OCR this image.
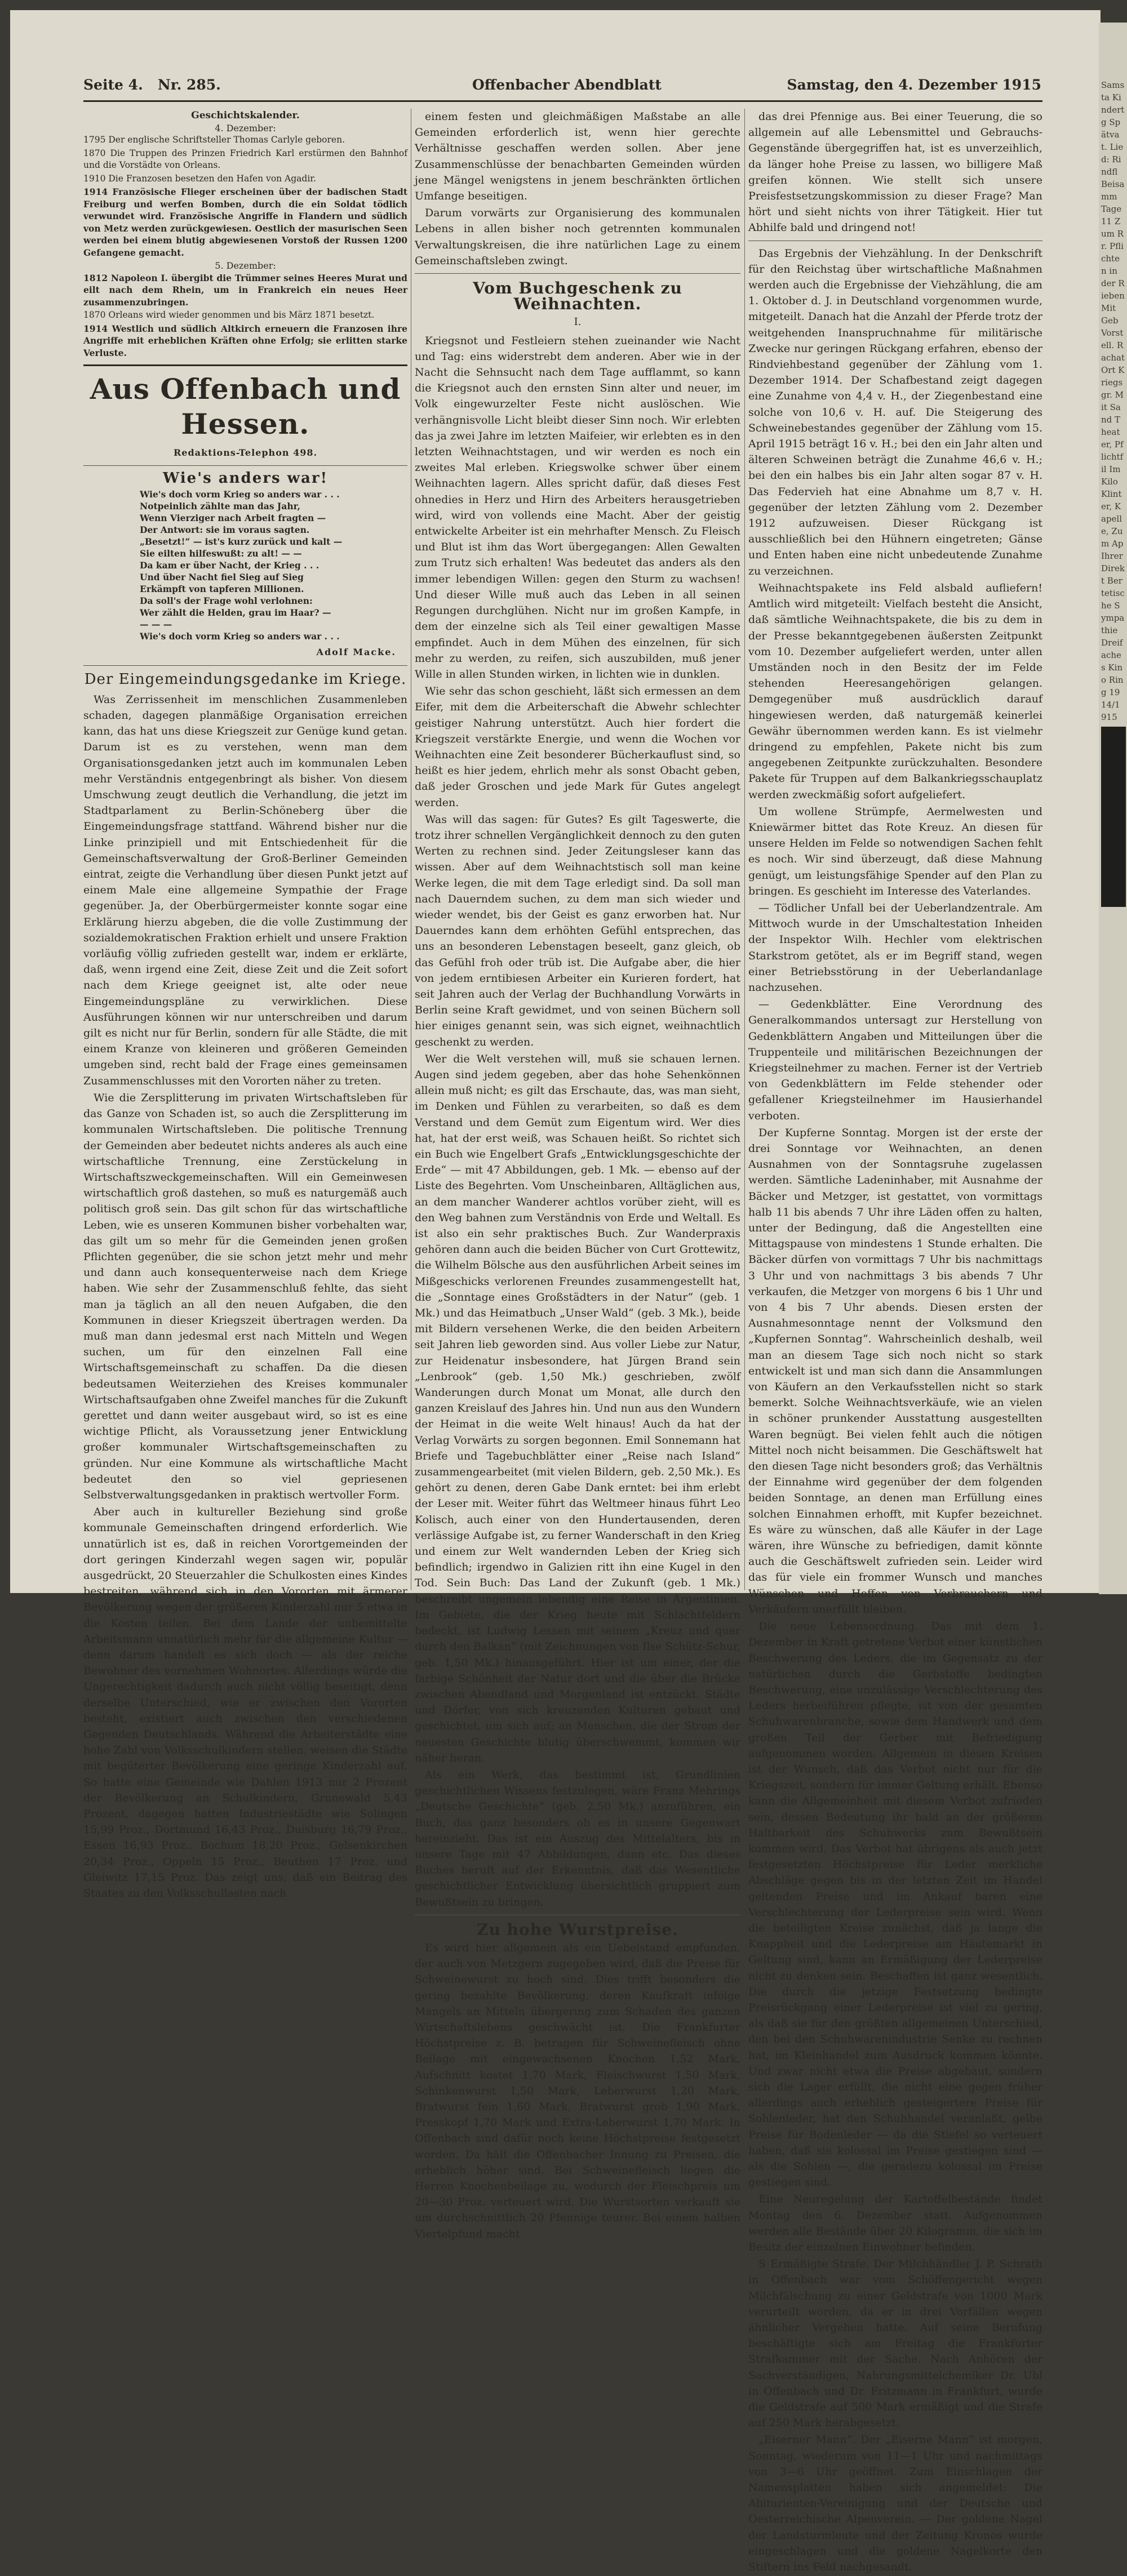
Seite 4. Nr. 285.	Offenbacher Abendblatt	Samstag, den 4. Dezember 1915
Geschichtskalender.
4. Dezember:

1795 Der englische Schriftsteller Thomas Carlyle geboren.

1870 Die Truppen des Prinzen Friedrich Karl erstürmen den Bahnhof und die Vorstädte von Orleans.

1910 Die Franzosen besetzen den Hafen von Agadir.

1914 Französische Flieger erscheinen über der badischen Stadt Freiburg und werfen Bomben, durch die ein Soldat tödlich verwundet wird. Französische Angriffe in Flandern und südlich von Metz werden zurückgewiesen. Oestlich der masurischen Seen werden bei einem blutig abgewiesenen Vorstoß der Russen 1200 Gefangene gemacht.

5. Dezember:

1812 Napoleon I. übergibt die Trümmer seines Heeres Murat und eilt nach dem Rhein, um in Frankreich ein neues Heer zusammenzubringen.

1870 Orleans wird wieder genommen und bis März 1871 besetzt.

1914 Westlich und südlich Altkirch erneuern die Franzosen ihre Angriffe mit erheblichen Kräften ohne Erfolg; sie erlitten starke Verluste.

Aus Offenbach und Hessen.
Redaktions-Telephon 498.
Wie's anders war!
Wie's doch vorm Krieg so anders war . . .
Notpeinlich zählte man das Jahr,
Wenn Vierziger nach Arbeit fragten —
Der Antwort: sie im voraus sagten.
„Besetzt!“ — ist's kurz zurück und kalt —
Sie eilten hilfeswußt: zu alt! — —
Da kam er über Nacht, der Krieg . . .
Und über Nacht fiel Sieg auf Sieg
Erkämpft von tapferen Millionen.
Da soll's der Frage wohl verlohnen:
Wer zählt die Helden, grau im Haar? —
— — —
Wie's doch vorm Krieg so anders war . . .
Adolf Macke.
Der Eingemeindungsgedanke im Kriege.

Was Zerrissenheit im menschlichen Zusammenleben schaden, dagegen planmäßige Organisation erreichen kann, das hat uns diese Kriegszeit zur Genüge kund getan. Darum ist es zu verstehen, wenn man dem Organisationsgedanken jetzt auch im kommunalen Leben mehr Verständnis entgegenbringt als bisher. Von diesem Umschwung zeugt deutlich die Verhandlung, die jetzt im Stadtparlament zu Berlin-Schöneberg über die Eingemeindungsfrage stattfand. Während bisher nur die Linke prinzipiell und mit Entschiedenheit für die Gemeinschaftsverwaltung der Groß-Berliner Gemeinden eintrat, zeigte die Verhandlung über diesen Punkt jetzt auf einem Male eine allgemeine Sympathie der Frage gegenüber. Ja, der Oberbürgermeister konnte sogar eine Erklärung hierzu abgeben, die die volle Zustimmung der sozialdemokratischen Fraktion erhielt und unsere Fraktion vorläufig völlig zufrieden gestellt war, indem er erklärte, daß, wenn irgend eine Zeit, diese Zeit und die Zeit sofort nach dem Kriege geeignet ist, alte oder neue Eingemeindungspläne zu verwirklichen. Diese Ausführungen können wir nur unterschreiben und darum gilt es nicht nur für Berlin, sondern für alle Städte, die mit einem Kranze von kleineren und größeren Gemeinden umgeben sind, recht bald der Frage eines gemeinsamen Zusammenschlusses mit den Vororten näher zu treten.

Wie die Zersplitterung im privaten Wirtschaftsleben für das Ganze von Schaden ist, so auch die Zersplitterung im kommunalen Wirtschaftsleben. Die politische Trennung der Gemeinden aber bedeutet nichts anderes als auch eine wirtschaftliche Trennung, eine Zerstückelung in Wirtschaftszweckgemeinschaften. Will ein Gemeinwesen wirtschaftlich groß dastehen, so muß es naturgemäß auch politisch groß sein. Das gilt schon für das wirtschaftliche Leben, wie es unseren Kommunen bisher vorbehalten war, das gilt um so mehr für die Gemeinden jenen großen Pflichten gegenüber, die sie schon jetzt mehr und mehr und dann auch konsequenterweise nach dem Kriege haben. Wie sehr der Zusammenschluß fehlte, das sieht man ja täglich an all den neuen Aufgaben, die den Kommunen in dieser Kriegszeit übertragen werden. Da muß man dann jedesmal erst nach Mitteln und Wegen suchen, um für den einzelnen Fall eine Wirtschaftsgemeinschaft zu schaffen. Da die diesen bedeutsamen Weiterziehen des Kreises kommunaler Wirtschaftsaufgaben ohne Zweifel manches für die Zukunft gerettet und dann weiter ausgebaut wird, so ist es eine wichtige Pflicht, als Voraussetzung jener Entwicklung großer kommunaler Wirtschaftsgemeinschaften zu gründen. Nur eine Kommune als wirtschaftliche Macht bedeutet den so viel gepriesenen Selbstverwaltungsgedanken in praktisch wertvoller Form.

Aber auch in kultureller Beziehung sind große kommunale Gemeinschaften dringend erforderlich. Wie unnatürlich ist es, daß in reichen Vorortgemeinden der dort geringen Kinderzahl wegen sagen wir, populär ausgedrückt, 20 Steuerzahler die Schulkosten eines Kindes bestreiten, während sich in den Vororten mit ärmerer Bevölkerung wegen der größeren Kinderzahl nur 5 etwa in die Kosten teilen. Bei dem Lande der unbemittelte Arbeitsmann unnatürlich mehr für die allgemeine Kultur — denn darum handelt es sich doch — als der reiche Bewohner des vornehmen Wohnortes. Allerdings würde die Ungerechtigkeit dadurch auch nicht völlig beseitigt, denn derselbe Unterschied, wie er zwischen den Vororten besteht, existiert auch zwischen den verschiedenen Gegenden Deutschlands. Während die Arbeiterstädte eine hohe Zahl von Volksschulkindern stellen, weisen die Städte mit begüterter Bevölkerung eine geringe Kinderzahl auf. So hatte eine Gemeinde wie Dahlen 1913 nur 2 Prozent der Bevölkerung an Schulkindern, Grunewald 5,43 Prozent, dagegen hatten Industriestädte wie Solingen 15,99 Proz., Dortmund 16,43 Proz., Duisburg 16,79 Proz., Essen 16,93 Proz., Bochum 18,20 Proz., Gelsenkirchen 20,34 Proz., Oppeln 15 Proz., Beuthen 17 Proz. und Gleiwitz 17,15 Proz. Das zeigt uns, daß ein Beitrag des Staates zu den Volksschullasten nach

einem festen und gleichmäßigen Maßstabe an alle Gemeinden erforderlich ist, wenn hier gerechte Verhältnisse geschaffen werden sollen. Aber jene Zusammenschlüsse der benachbarten Gemeinden würden jene Mängel wenigstens in jenem beschränkten örtlichen Umfange beseitigen.

Darum vorwärts zur Organisierung des kommunalen Lebens in allen bisher noch getrennten kommunalen Verwaltungskreisen, die ihre natürlichen Lage zu einem Gemeinschaftsleben zwingt.

Vom Buchgeschenk zu Weihnachten.
I.

Kriegsnot und Festleiern stehen zueinander wie Nacht und Tag: eins widerstrebt dem anderen. Aber wie in der Nacht die Sehnsucht nach dem Tage aufflammt, so kann die Kriegsnot auch den ernsten Sinn alter und neuer, im Volk eingewurzelter Feste nicht auslöschen. Wie verhängnisvolle Licht bleibt dieser Sinn noch. Wir erlebten das ja zwei Jahre im letzten Maifeier, wir erlebten es in den letzten Weihnachtstagen, und wir werden es noch ein zweites Mal erleben. Kriegswolke schwer über einem Weihnachten lagern. Alles spricht dafür, daß dieses Fest ohnedies in Herz und Hirn des Arbeiters herausgetrieben wird, wird von vollends eine Macht. Aber der geistig entwickelte Arbeiter ist ein mehrhafter Mensch. Zu Fleisch und Blut ist ihm das Wort übergegangen: Allen Gewalten zum Trutz sich erhalten! Was bedeutet das anders als den immer lebendigen Willen: gegen den Sturm zu wachsen! Und dieser Wille muß auch das Leben in all seinen Regungen durchglühen. Nicht nur im großen Kampfe, in dem der einzelne sich als Teil einer gewaltigen Masse empfindet. Auch in dem Mühen des einzelnen, für sich mehr zu werden, zu reifen, sich auszubilden, muß jener Wille in allen Stunden wirken, in lichten wie in dunklen.

Wie sehr das schon geschieht, läßt sich ermessen an dem Eifer, mit dem die Arbeiterschaft die Abwehr schlechter geistiger Nahrung unterstützt. Auch hier fordert die Kriegszeit verstärkte Energie, und wenn die Wochen vor Weihnachten eine Zeit besonderer Bücherkauflust sind, so heißt es hier jedem, ehrlich mehr als sonst Obacht geben, daß jeder Groschen und jede Mark für Gutes angelegt werden.

Was will das sagen: für Gutes? Es gilt Tageswerte, die trotz ihrer schnellen Vergänglichkeit dennoch zu den guten Werten zu rechnen sind. Jeder Zeitungsleser kann das wissen. Aber auf dem Weihnachtstisch soll man keine Werke legen, die mit dem Tage erledigt sind. Da soll man nach Dauerndem suchen, zu dem man sich wieder und wieder wendet, bis der Geist es ganz erworben hat. Nur Dauerndes kann dem erhöhten Gefühl entsprechen, das uns an besonderen Lebenstagen beseelt, ganz gleich, ob das Gefühl froh oder trüb ist. Die Aufgabe aber, die hier von jedem erntibiesen Arbeiter ein Kurieren fordert, hat seit Jahren auch der Verlag der Buchhandlung Vorwärts in Berlin seine Kraft gewidmet, und von seinen Büchern soll hier einiges genannt sein, was sich eignet, weihnachtlich geschenkt zu werden.

Wer die Welt verstehen will, muß sie schauen lernen. Augen sind jedem gegeben, aber das hohe Sehenkönnen allein muß nicht; es gilt das Erschaute, das, was man sieht, im Denken und Fühlen zu verarbeiten, so daß es dem Verstand und dem Gemüt zum Eigentum wird. Wer dies hat, hat der erst weiß, was Schauen heißt. So richtet sich ein Buch wie Engelbert Grafs „Entwicklungsgeschichte der Erde“ — mit 47 Abbildungen, geb. 1 Mk. — ebenso auf der Liste des Begehrten. Vom Unscheinbaren, Alltäglichen aus, an dem mancher Wanderer achtlos vorüber zieht, will es den Weg bahnen zum Verständnis von Erde und Weltall. Es ist also ein sehr praktisches Buch. Zur Wanderpraxis gehören dann auch die beiden Bücher von Curt Grottewitz, die Wilhelm Bölsche aus den ausführlichen Arbeit seines im Mißgeschicks verlorenen Freundes zusammengestellt hat, die „Sonntage eines Großstädters in der Natur“ (geb. 1 Mk.) und das Heimatbuch „Unser Wald“ (geb. 3 Mk.), beide mit Bildern versehenen Werke, die den beiden Arbeitern seit Jahren lieb geworden sind. Aus voller Liebe zur Natur, zur Heidenatur insbesondere, hat Jürgen Brand sein „Lenbrook“ (geb. 1,50 Mk.) geschrieben, zwölf Wanderungen durch Monat um Monat, alle durch den ganzen Kreislauf des Jahres hin. Und nun aus den Wundern der Heimat in die weite Welt hinaus! Auch da hat der Verlag Vorwärts zu sorgen begonnen. Emil Sonnemann hat Briefe und Tagebuchblätter einer „Reise nach Island“ zusammengearbeitet (mit vielen Bildern, geb. 2,50 Mk.). Es gehört zu denen, deren Gabe Dank erntet: bei ihm erlebt der Leser mit. Weiter führt das Weltmeer hinaus führt Leo Kolisch, auch einer von den Hundertausenden, deren verlässige Aufgabe ist, zu ferner Wanderschaft in den Krieg und einem zur Welt wandernden Leben der Krieg sich befindlich; irgendwo in Galizien ritt ihn eine Kugel in den Tod. Sein Buch: Das Land der Zukunft (geb. 1 Mk.) beschreibt ungemein lebendig eine Reise in Argentinien. Im Gebiete, die der Krieg heute mit Schlachtfeldern bedeckt, ist Ludwig Lessen mit seinem „Kreuz und quer durch den Balkan“ (mit Zeichnungen von Ilse Schütz-Schur, geb. 1,50 Mk.) hinausgeführt. Hier ist um einer, der die farbige Schönheit der Natur dort und die über die Brücke zwischen Abendland und Morgenland ist entzückt. Städte und Dörfer, von sich kreuzenden Kulturen gebaut und geschichtet, um sich auf; an Menschen, die der Strom der neuesten Geschichte blutig überschwemmt, kommen wir näher heran.

Als ein Werk, das bestimmt ist, Grundlinien geschichtlichen Wissens festzulegen, wäre Franz Mehrings „Deutsche Geschichte“ (geb. 2,50 Mk.) anzuführen, ein Buch, das ganz besonders ob es in unsere Gegenwart hereinzieht. Das ist ein Auszug des Mittelalters, bis in unsere Tage mit 47 Abbildungen, dann etc. Das dieses Buches beruft auf der Erkenntnis, daß das Wesentliche geschichtlicher Entwicklung übersichtlich gruppiert zum Bewußtsein zu bringen.

Zu hohe Wurstpreise.

Es wird hier allgemein als ein Uebelstand empfunden, der auch von Metzgern zugegeben wird, daß die Preise für Schweinewurst zu hoch sind. Dies trifft besonders die gering bezahlte Bevölkerung, deren Kaufkraft infolge Mangels an Mitteln übergering zum Schaden des ganzen Wirtschaftslebens geschwächt ist. Die Frankfurter Höchstpreise z. B. betragen für Schweinefleisch ohne Beilage mit eingewachsenen Knochen 1,52 Mark, Aufschnitt kostet 1,70 Mark, Fleischwurst 1,50 Mark, Schinkenwurst 1,50 Mark, Leberwurst 1,20 Mark, Bratwurst fein 1,60 Mark, Bratwurst grob 1,90 Mark, Presskopf 1,70 Mark und Extra-Leberwurst 1,70 Mark. In Offenbach sind dafür noch keine Höchstpreise festgesetzt worden. Da hält die Offenbacher Innung zu Preisen, die erheblich höher sind. Bei Schweinefleisch liegen die Herren Knochenbeilage zu, wodurch der Fleischpreis um 20—30 Proz. verteuert wird. Die Wurstsorten verkauft sie um durchschnittlich 20 Pfennige teurer. Bei einem halben Viertelpfund macht

das drei Pfennige aus. Bei einer Teuerung, die so allgemein auf alle Lebensmittel und Gebrauchs-Gegenstände übergegriffen hat, ist es unverzeihlich, da länger hohe Preise zu lassen, wo billigere Maß greifen können. Wie stellt sich unsere Preisfestsetzungskommission zu dieser Frage? Man hört und sieht nichts von ihrer Tätigkeit. Hier tut Abhilfe bald und dringend not!

Das Ergebnis der Viehzählung. In der Denkschrift für den Reichstag über wirtschaftliche Maßnahmen werden auch die Ergebnisse der Viehzählung, die am 1. Oktober d. J. in Deutschland vorgenommen wurde, mitgeteilt. Danach hat die Anzahl der Pferde trotz der weitgehenden Inanspruchnahme für militärische Zwecke nur geringen Rückgang erfahren, ebenso der Rindviehbestand gegenüber der Zählung vom 1. Dezember 1914. Der Schafbestand zeigt dagegen eine Zunahme von 4,4 v. H., der Ziegenbestand eine solche von 10,6 v. H. auf. Die Steigerung des Schweinebestandes gegenüber der Zählung vom 15. April 1915 beträgt 16 v. H.; bei den ein Jahr alten und älteren Schweinen beträgt die Zunahme 46,6 v. H.; bei den ein halbes bis ein Jahr alten sogar 87 v. H. Das Federvieh hat eine Abnahme um 8,7 v. H. gegenüber der letzten Zählung vom 2. Dezember 1912 aufzuweisen. Dieser Rückgang ist ausschließlich bei den Hühnern eingetreten; Gänse und Enten haben eine nicht unbedeutende Zunahme zu verzeichnen.

Weihnachtspakete ins Feld alsbald aufliefern! Amtlich wird mitgeteilt: Vielfach besteht die Ansicht, daß sämtliche Weihnachtspakete, die bis zu dem in der Presse bekanntgegebenen äußersten Zeitpunkt vom 10. Dezember aufgeliefert werden, unter allen Umständen noch in den Besitz der im Felde stehenden Heeresangehörigen gelangen. Demgegenüber muß ausdrücklich darauf hingewiesen werden, daß naturgemäß keinerlei Gewähr übernommen werden kann. Es ist vielmehr dringend zu empfehlen, Pakete nicht bis zum angegebenen Zeitpunkte zurückzuhalten. Besondere Pakete für Truppen auf dem Balkankriegsschauplatz werden zweckmäßig sofort aufgeliefert.

Um wollene Strümpfe, Aermelwesten und Kniewärmer bittet das Rote Kreuz. An diesen für unsere Helden im Felde so notwendigen Sachen fehlt es noch. Wir sind überzeugt, daß diese Mahnung genügt, um leistungsfähige Spender auf den Plan zu bringen. Es geschieht im Interesse des Vaterlandes.

— Tödlicher Unfall bei der Ueberlandzentrale. Am Mittwoch wurde in der Umschaltestation Inheiden der Inspektor Wilh. Hechler vom elektrischen Starkstrom getötet, als er im Begriff stand, wegen einer Betriebsstörung in der Ueberlandanlage nachzusehen.

— Gedenkblätter. Eine Verordnung des Generalkommandos untersagt zur Herstellung von Gedenkblättern Angaben und Mitteilungen über die Truppenteile und militärischen Bezeichnungen der Kriegsteilnehmer zu machen. Ferner ist der Vertrieb von Gedenkblättern im Felde stehender oder gefallener Kriegsteilnehmer im Hausierhandel verboten.

Der Kupferne Sonntag. Morgen ist der erste der drei Sonntage vor Weihnachten, an denen Ausnahmen von der Sonntagsruhe zugelassen werden. Sämtliche Ladeninhaber, mit Ausnahme der Bäcker und Metzger, ist gestattet, von vormittags halb 11 bis abends 7 Uhr ihre Läden offen zu halten, unter der Bedingung, daß die Angestellten eine Mittagspause von mindestens 1 Stunde erhalten. Die Bäcker dürfen von vormittags 7 Uhr bis nachmittags 3 Uhr und von nachmittags 3 bis abends 7 Uhr verkaufen, die Metzger von morgens 6 bis 1 Uhr und von 4 bis 7 Uhr abends. Diesen ersten der Ausnahmesonntage nennt der Volksmund den „Kupfernen Sonntag“. Wahrscheinlich deshalb, weil man an diesem Tage sich noch nicht so stark entwickelt ist und man sich dann die Ansammlungen von Käufern an den Verkaufsstellen nicht so stark bemerkt. Solche Weihnachtsverkäufe, wie an vielen in schöner prunkender Ausstattung ausgestellten Waren begnügt. Bei vielen fehlt auch die nötigen Mittel noch nicht beisammen. Die Geschäftswelt hat den diesen Tage nicht besonders groß; das Verhältnis der Einnahme wird gegenüber der dem folgenden beiden Sonntage, an denen man Erfüllung eines solchen Einnahmen erhofft, mit Kupfer bezeichnet. Es wäre zu wünschen, daß alle Käufer in der Lage wären, ihre Wünsche zu befriedigen, damit könnte auch die Geschäftswelt zufrieden sein. Leider wird das für viele ein frommer Wunsch und manches Wünschen und Hoffen von Verbrauchern und Verkäufern unerfüllt bleiben.

Die neue Lebensordnung. Das mit dem 1. Dezember in Kraft getretene Verbot einer künstlichen Beschwerung des Leders, die im Gegensatz zu der natürlichen durch die Gerbstoffe bedingten Beschwerung, eine unzulässige Verschlechterung des Leders herbeiführen pflegte, ist von der gesamten Schuhwarenbranche, sowie dem Handwerk und dem großen Teil der Gerber mit Befriedigung aufgenommen worden. Allgemein in diesen Kreisen ist der Wunsch, daß das Verbot nicht nur für die Kriegszeit, sondern für immer Geltung erhält. Ebenso kann die Allgemeinheit mit diesem Verbot zufrieden sein, dessen Bedeutung ihr bald an der größeren Haltbarkeit des Schuhwerks zum Bewußtsein kommen wird. Das Verbot hat übrigens als auch jetzt festgesetzten Höchstpreise für Leder merkliche Abschläge gegen bis in der letzten Zeit im Handel geltenden Preise und im Ankauf baren eine Verschlechterung der Lederpreise sein wird. Wenn die beteiligten Kreise zunächst, daß ja lange die Knappheit und die Lederpreise am Häutemarkt in Geltung sind, kann an Ermäßigung der Lederpreise nicht zu denken sein. Beschaffen ist ganz wesentlich. Die durch die jetzige Festsetzung bedingte Preisrückgang einer Lederpreise ist viel zu gering, als daß sie für den größten allgemeinen Unterschied, den bei den Schuhwarenindustrie Senke zu rechnen hat, im Kleinhandel zum Ausdruck kommen könnte. Und zwar nicht etwa die Preise abgebaut, sondern sich die Lager erfüllt, die nicht eine gegen früher allerdings auch erheblich gesteigertere Preise für Sohlenleder, hat den Schuhhandel veranlaßt, gelbe Preise für Bodenleder — da die Stiefel so verteuert haben, daß sie kolossal im Preise gestiegen sind — als die Sohlen —, die geradezu kolossal im Preise gestiegen sind.

Eine Neuregelung der Kartoffelbestände findet Montag den 6. Dezember statt. Aufgenommen werden alle Bestände über 20 Kilogramm, die sich im Besitz der einzelnen Einwohner befinden.

S Ermäßigte Strafe. Der Milchhändler J. P. Schrath in Offenbach war vom Schöffengericht wegen Milchfälschung zu einer Geldstrafe von 1000 Mark verurteilt worden, da er in drei Vorfällen wegen ähnlicher Vergehen hatte. Auf seine Berufung beschäftigte sich am Freitag die Frankfurter Strafkammer mit der Sache. Nach Anhören der Sachverständigen, Nahrungsmittelchemiker Dr. Ubl in Offenbach und Dr. Fritzmann in Frankfurt, wurde die Geldstrafe auf 500 Mark ermäßigt und die Strafe auf 250 Mark herabgesetzt.

„Eiserner Mann“. Der „Eiserne Mann“ ist morgen, Sonntag, wiederum von 11—1 Uhr und nachmittags von 3—6 Uhr geöffnet. Zum Einschlagen der Namensplatten haben sich angemeldet: Die Abiturienten-Vereinigung und der Deutsche und Oesterreichische Alpenverein. — Der goldene Nagel der Landsturmleute und der Zeitung Kronos wurde eingeschlagen und die goldene Nagelkorte den Stiftern ins Feld nachgesandt.

Samsta Kindertg Spätvat. Lied: Rindfl Beisamm Tage 11 Zum Rr. Pflichten in der Rieben Mit Geb Vorstell. Rachat Ort Kriegsgr. Mit Sand Theater, Pflichtfil Im Kilo Klinter, Kapelle, Zum Ap Ihrer Direkt Bertetische Sympathie Dreifaches Kino Ring 1914/1915
